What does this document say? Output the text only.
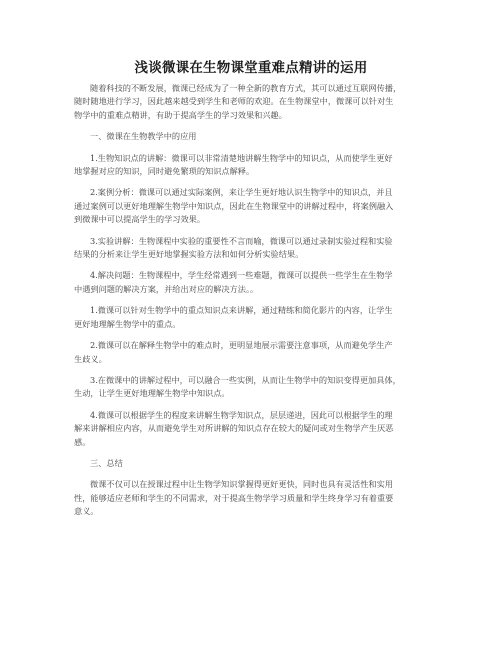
浅谈微课在生物课堂重难点精讲的运用

随着科技的不断发展，微课已经成为了一种全新的教育方式，其可以通过互联网传播，
随时随地进行学习，因此越来越受到学生和老师的欢迎。在生物课堂中，微课可以针对生
物学中的重难点精讲，有助于提高学生的学习效果和兴趣。

一、微课在生物教学中的应用

1.生物知识点的讲解：微课可以非常清楚地讲解生物学中的知识点，从而使学生更好
地掌握对应的知识，同时避免繁琐的知识点解释。

2.案例分析：微课可以通过实际案例，来让学生更好地认识生物学中的知识点，并且
通过案例可以更好地理解生物学中知识点，因此在生物课堂中的讲解过程中，将案例融入
到微课中可以提高学生的学习效果。

3.实验讲解：生物课程中实验的重要性不言而喻，微课可以通过录制实验过程和实验
结果的分析来让学生更好地掌握实验方法和如何分析实验结果。

4.解决问题：生物课程中，学生经常遇到一些难题，微课可以提供一些学生在生物学
中遇到问题的解决方案，并给出对应的解决方法。。

1.微课可以针对生物学中的重点知识点来讲解，通过精练和简化影片的内容，让学生
更好地理解生物学中的重点。

2.微课可以在解释生物学中的难点时，更明显地展示需要注意事项，从而避免学生产
生歧义。

3.在微课中的讲解过程中，可以融合一些实例，从而让生物学中的知识变得更加具体，
生动，让学生更好地理解生物学中知识点。

4.微课可以根据学生的程度来讲解生物学知识点，层层递进，因此可以根据学生的理
解来讲解相应内容，从而避免学生对所讲解的知识点存在较大的疑问或对生物学产生厌恶
感。

三、总结

微课不仅可以在授课过程中让生物学知识掌握得更好更快，同时也具有灵活性和实用
性，能够适应老师和学生的不同需求，对于提高生物学学习质量和学生终身学习有着重要
意义。
